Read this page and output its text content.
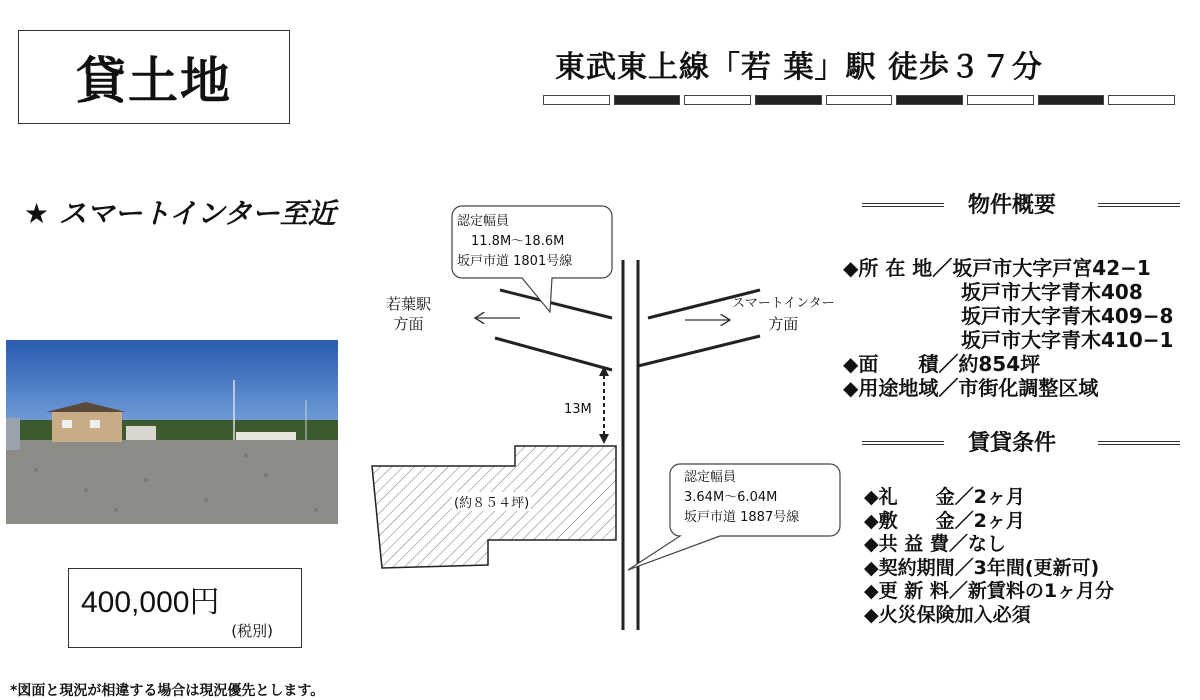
貸土地	東武東上線「若 葉」駅 徒歩３７分
★ スマートインター至近
400,000円
(税別)
*図面と現況が相違する場合は現況優先とします。
認定幅員
11.8M〜18.6M
坂戸市道 1801号線
若葉駅
方面
スマートインター
方面
13M
(約８５４坪)
認定幅員
3.64M〜6.04M
坂戸市道 1887号線
物件概要
◆所 在 地／坂戸市大字戸宮42−1
坂戸市大字青木408
坂戸市大字青木409−8
坂戸市大字青木410−1
◆面　　積／約854坪
◆用途地域／市街化調整区域
賃貸条件
◆礼　　金／2ヶ月
◆敷　　金／2ヶ月
◆共 益 費／なし
◆契約期間／3年間(更新可)
◆更 新 料／新賃料の1ヶ月分
◆火災保険加入必須
